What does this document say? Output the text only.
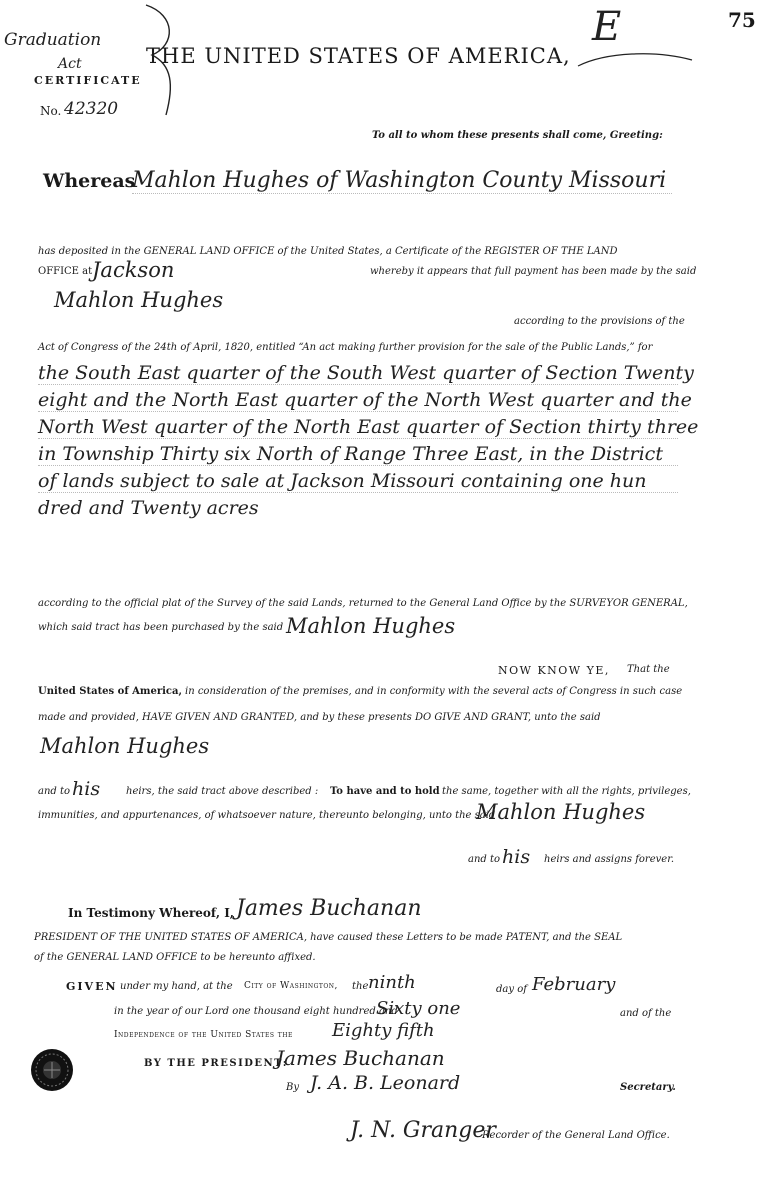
75
Graduation
Act
CERTIFICATE
No. 42320
THE UNITED STATES OF AMERICA,
E
To all to whom these presents shall come, Greeting:
Whereas
Mahlon Hughes of Washington County Missouri
has deposited in the GENERAL LAND OFFICE of the United States, a Certificate of the REGISTER OF THE LAND
OFFICE at Jackson	whereby it appears that full payment has been made by the said
Mahlon Hughes
according to the provisions of the
Act of Congress of the 24th of April, 1820, entitled “An act making further provision for the sale of the Public Lands,” for
the South East quarter of the South West quarter of Section Twenty
eight and the North East quarter of the North West quarter and the
North West quarter of the North East quarter of Section thirty three
in Township Thirty six North of Range Three East, in the District
of lands subject to sale at Jackson Missouri containing one hun
dred and Twenty acres
according to the official plat of the Survey of the said Lands, returned to the General Land Office by the SURVEYOR GENERAL,
which said tract has been purchased by the said Mahlon Hughes
NOW KNOW YE, That the
United States of America, in consideration of the premises, and in conformity with the several acts of Congress in such case
made and provided, HAVE GIVEN AND GRANTED, and by these presents DO GIVE AND GRANT, unto the said
Mahlon Hughes
and to his	heirs, the said tract above described : To have and to hold the same, together with all the rights, privileges,
immunities, and appurtenances, of whatsoever nature, thereunto belonging, unto the said
Mahlon Hughes
and to his heirs and assigns forever.
In Testimony Whereof, I, James Buchanan
PRESIDENT OF THE UNITED STATES OF AMERICA, have caused these Letters to be made PATENT, and the SEAL
of the GENERAL LAND OFFICE to be hereunto affixed.
GIVEN under my hand, at the City of Washington, the ninth	day of February
in the year of our Lord one thousand eight hundred and
Sixty one	and of the
Independence of the United States the Eighty fifth
BY THE PRESIDENT:
James Buchanan
By J. A. B. Leonard	Secretary.
J. N. Granger
Recorder of the General Land Office.
